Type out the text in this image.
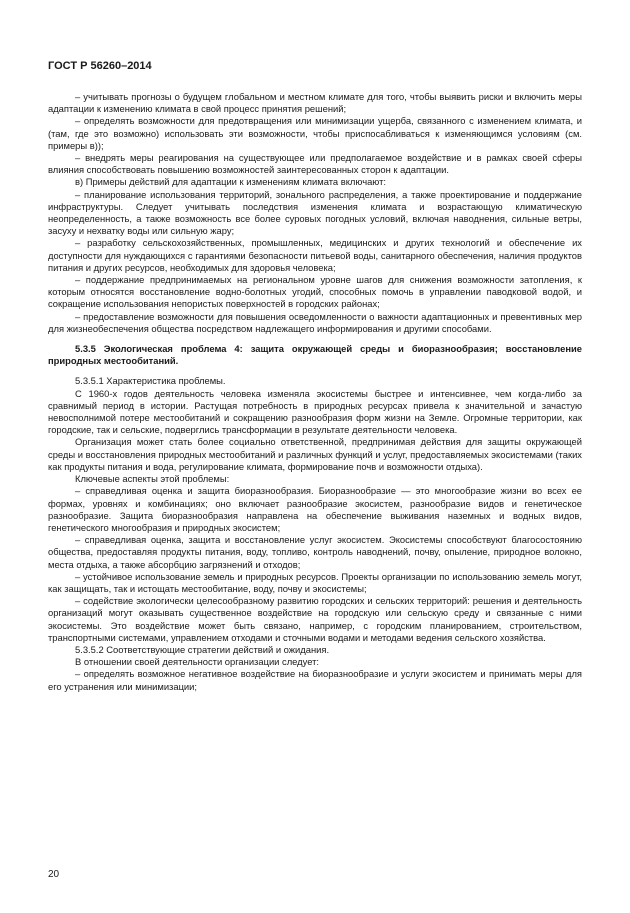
ГОСТ Р 56260–2014

– учитывать прогнозы о будущем глобальном и местном климате для того, чтобы выявить риски и включить меры адаптации к изменению климата в свой процесс принятия решений;

– определять возможности для предотвращения или минимизации ущерба, связанного с изменением климата, и (там, где это возможно) использовать эти возможности, чтобы приспосабливаться к изменяющимся условиям (см. примеры в));

– внедрять меры реагирования на существующее или предполагаемое воздействие и в рамках своей сферы влияния способствовать повышению возможностей заинтересованных сторон к адаптации.

в) Примеры действий для адаптации к изменениям климата включают:

– планирование использования территорий, зонального распределения, а также проектирование и поддержание инфраструктуры. Следует учитывать последствия изменения климата и возрастающую климатическую неопределенность, а также возможность все более суровых погодных условий, включая наводнения, сильные ветры, засуху и нехватку воды или сильную жару;

– разработку сельскохозяйственных, промышленных, медицинских и других технологий и обеспечение их доступности для нуждающихся с гарантиями безопасности питьевой воды, санитарного обеспечения, наличия продуктов питания и других ресурсов, необходимых для здоровья человека;

– поддержание предпринимаемых на региональном уровне шагов для снижения возможности затопления, к которым относятся восстановление водно-болотных угодий, способных помочь в управлении паводковой водой, и сокращение использования непористых поверхностей в городских районах;

– предоставление возможности для повышения осведомленности о важности адаптационных и превентивных мер для жизнеобеспечения общества посредством надлежащего информирования и другими способами.

5.3.5 Экологическая проблема 4: защита окружающей среды и биоразнообразия; восстановление природных местообитаний.

5.3.5.1 Характеристика проблемы.

С 1960-х годов деятельность человека изменяла экосистемы быстрее и интенсивнее, чем когда-либо за сравнимый период в истории. Растущая потребность в природных ресурсах привела к значительной и зачастую невосполнимой потере местообитаний и сокращению разнообразия форм жизни на Земле. Огромные территории, как городские, так и сельские, подверглись трансформации в результате деятельности человека.

Организация может стать более социально ответственной, предпринимая действия для защиты окружающей среды и восстановления природных местообитаний и различных функций и услуг, предоставляемых экосистемами (таких как продукты питания и вода, регулирование климата, формирование почв и возможности отдыха).

Ключевые аспекты этой проблемы:

– справедливая оценка и защита биоразнообразия. Биоразнообразие — это многообразие жизни во всех ее формах, уровнях и комбинациях; оно включает разнообразие экосистем, разнообразие видов и генетическое разнообразие. Защита биоразнообразия направлена на обеспечение выживания наземных и водных видов, генетического многообразия и природных экосистем;

– справедливая оценка, защита и восстановление услуг экосистем. Экосистемы способствуют благосостоянию общества, предоставляя продукты питания, воду, топливо, контроль наводнений, почву, опыление, природное волокно, места отдыха, а также абсорбцию загрязнений и отходов;

– устойчивое использование земель и природных ресурсов. Проекты организации по использованию земель могут, как защищать, так и истощать местообитание, воду, почву и экосистемы;

– содействие экологически целесообразному развитию городских и сельских территорий: решения и деятельность организаций могут оказывать существенное воздействие на городскую или сельскую среду и связанные с ними экосистемы. Это воздействие может быть связано, например, с городским планированием, строительством, транспортными системами, управлением отходами и сточными водами и методами ведения сельского хозяйства.

5.3.5.2 Соответствующие стратегии действий и ожидания.

В отношении своей деятельности организации следует:

– определять возможное негативное воздействие на биоразнообразие и услуги экосистем и принимать меры для его устранения или минимизации;

20
